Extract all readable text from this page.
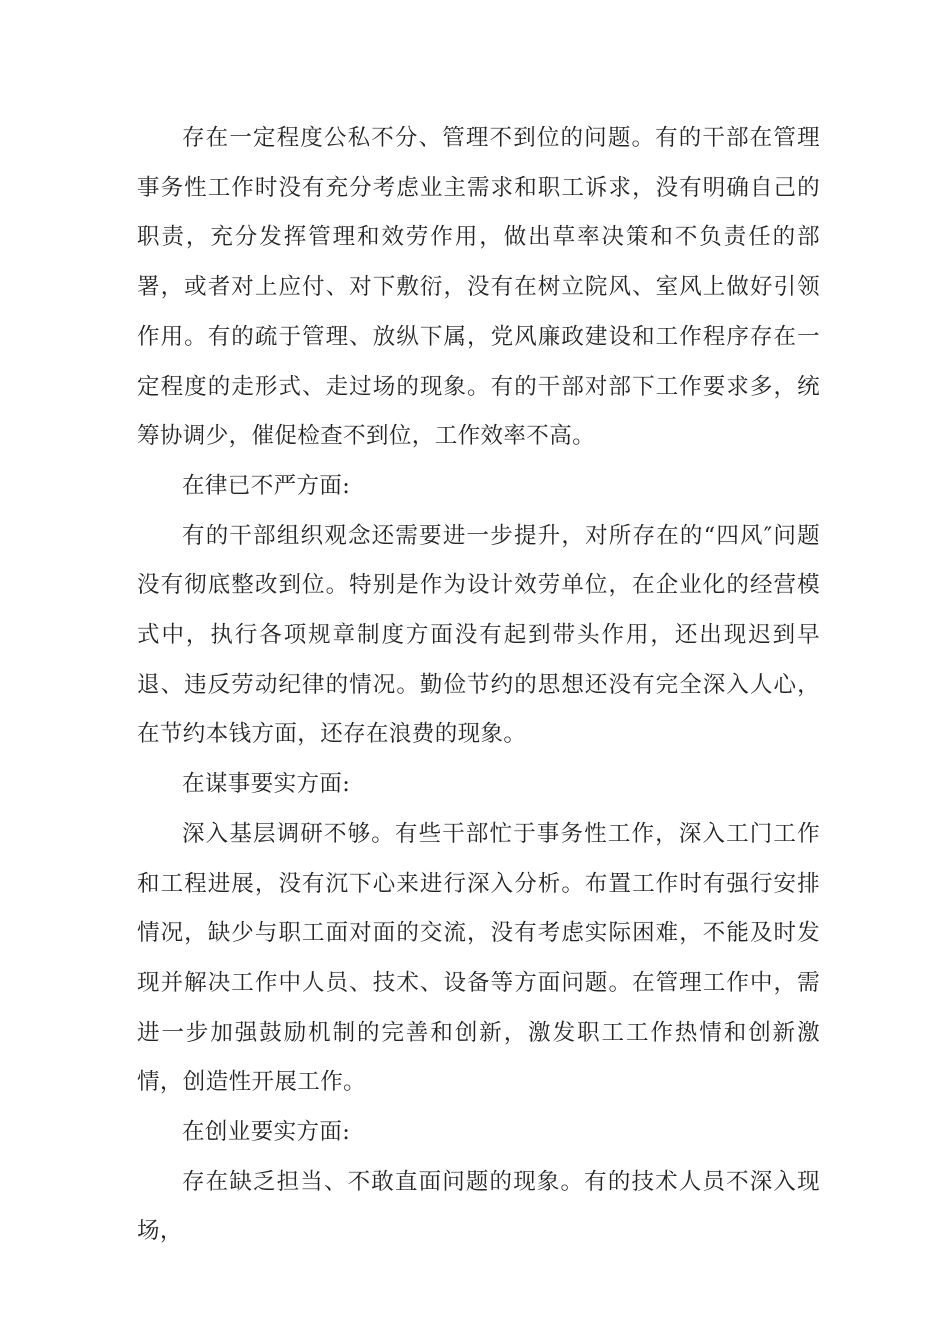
存在一定程度公私不分、管理不到位的问题。有的干部在管理事务性工作时没有充分考虑业主需求和职工诉求，没有明确自己的职责，充分发挥管理和效劳作用，做出草率决策和不负责任的部署，或者对上应付、对下敷衍，没有在树立院风、室风上做好引领作用。有的疏于管理、放纵下属，党风廉政建设和工作程序存在一定程度的走形式、走过场的现象。有的干部对部下工作要求多，统筹协调少，催促检查不到位，工作效率不高。

在律已不严方面:

有的干部组织观念还需要进一步提升，对所存在的“四风″问题没有彻底整改到位。特别是作为设计效劳单位，在企业化的经营模式中，执行各项规章制度方面没有起到带头作用，还出现迟到早退、违反劳动纪律的情况。勤俭节约的思想还没有完全深入人心，在节约本钱方面，还存在浪费的现象。

在谋事要实方面:

深入基层调研不够。有些干部忙于事务性工作，深入工门工作和工程进展，没有沉下心来进行深入分析。布置工作时有强行安排情况，缺少与职工面对面的交流，没有考虑实际困难，不能及时发现并解决工作中人员、技术、设备等方面问题。在管理工作中，需进一步加强鼓励机制的完善和创新，激发职工工作热情和创新激情，创造性开展工作。

在创业要实方面:

存在缺乏担当、不敢直面问题的现象。有的技术人员不深入现场，
